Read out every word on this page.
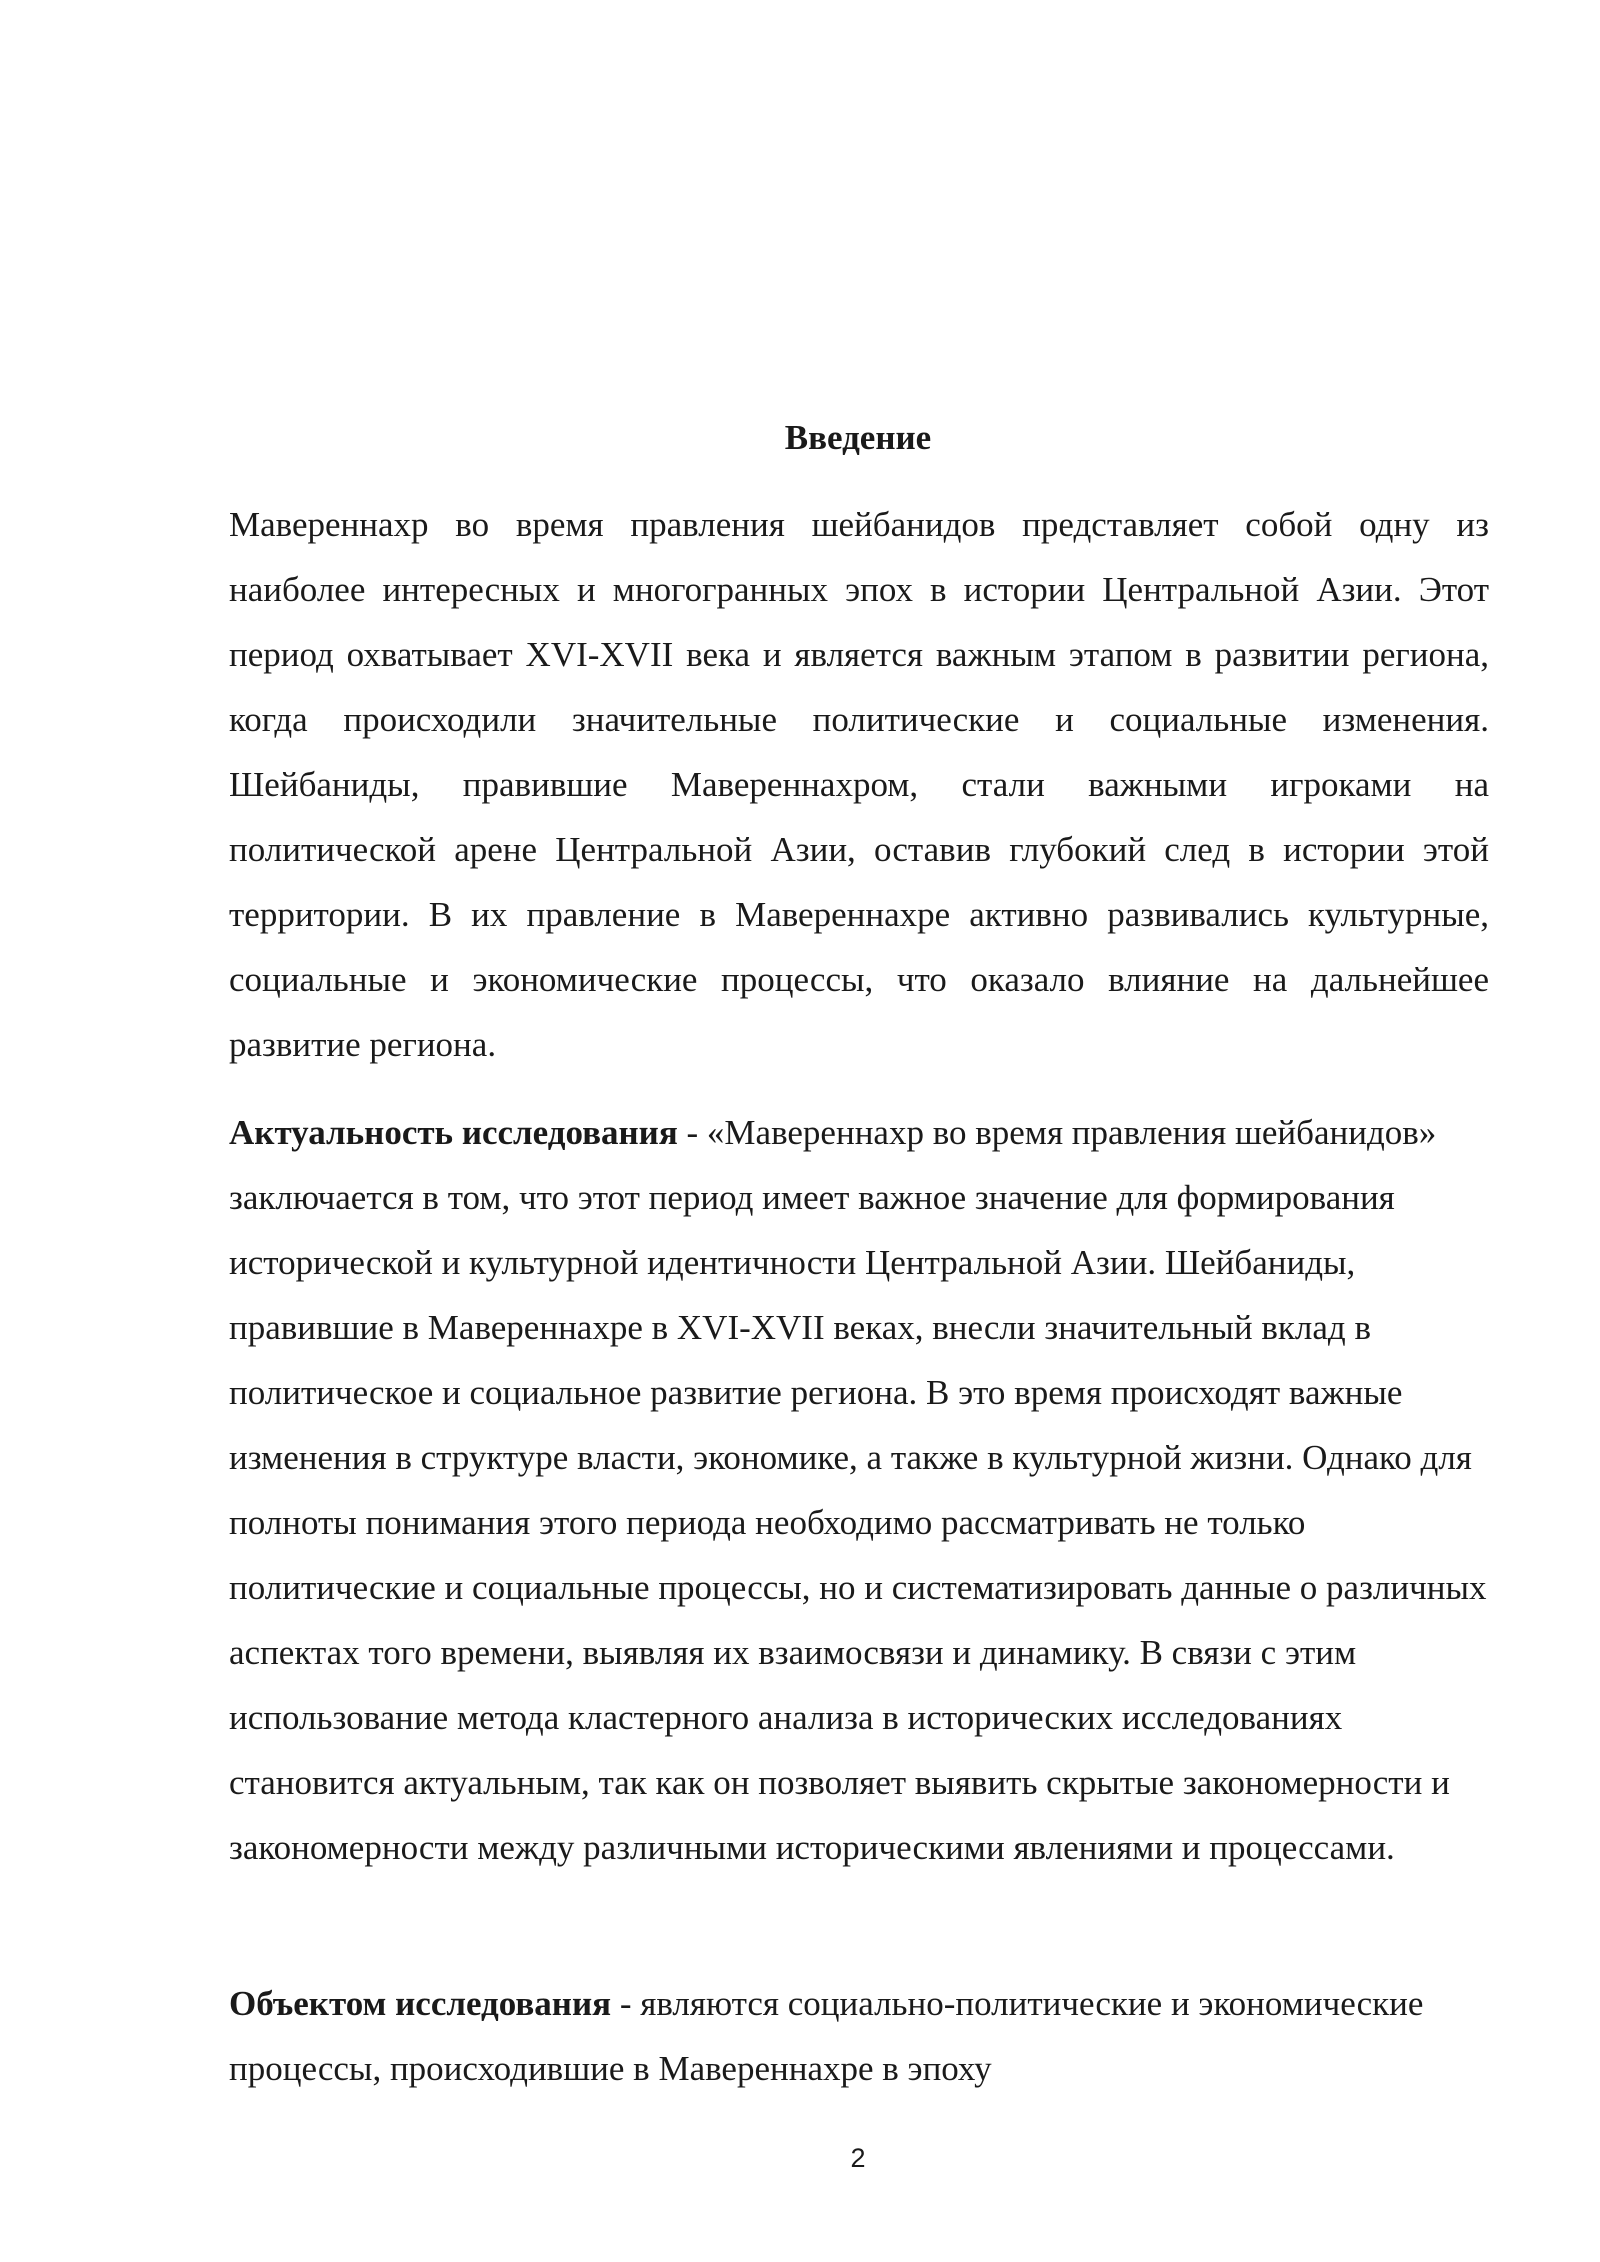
Введение

Мавереннахр во время правления шейбанидов представляет собой одну из наиболее интересных и многогранных эпох в истории Центральной Азии. Этот период охватывает XVI-XVII века и является важным этапом в развитии региона, когда происходили значительные политические и социальные изменения. Шейбаниды, правившие Мавереннахром, стали важными игроками на политической арене Центральной Азии, оставив глубокий след в истории этой территории. В их правление в Мавереннахре активно развивались культурные, социальные и экономические процессы, что оказало влияние на дальнейшее развитие региона.

Актуальность исследования - «Мавереннахр во время правления шейбанидов» заключается в том, что этот период имеет важное значение для формирования исторической и культурной идентичности Центральной Азии. Шейбаниды, правившие в Мавереннахре в XVI-XVII веках, внесли значительный вклад в политическое и социальное развитие региона. В это время происходят важные изменения в структуре власти, экономике, а также в культурной жизни. Однако для полноты понимания этого периода необходимо рассматривать не только политические и социальные процессы, но и систематизировать данные о различных аспектах того времени, выявляя их взаимосвязи и динамику. В связи с этим использование метода кластерного анализа в исторических исследованиях становится актуальным, так как он позволяет выявить скрытые закономерности и закономерности между различными историческими явлениями и процессами.

Объектом исследования - являются социально-политические и экономические процессы, происходившие в Мавереннахре в эпоху

2
